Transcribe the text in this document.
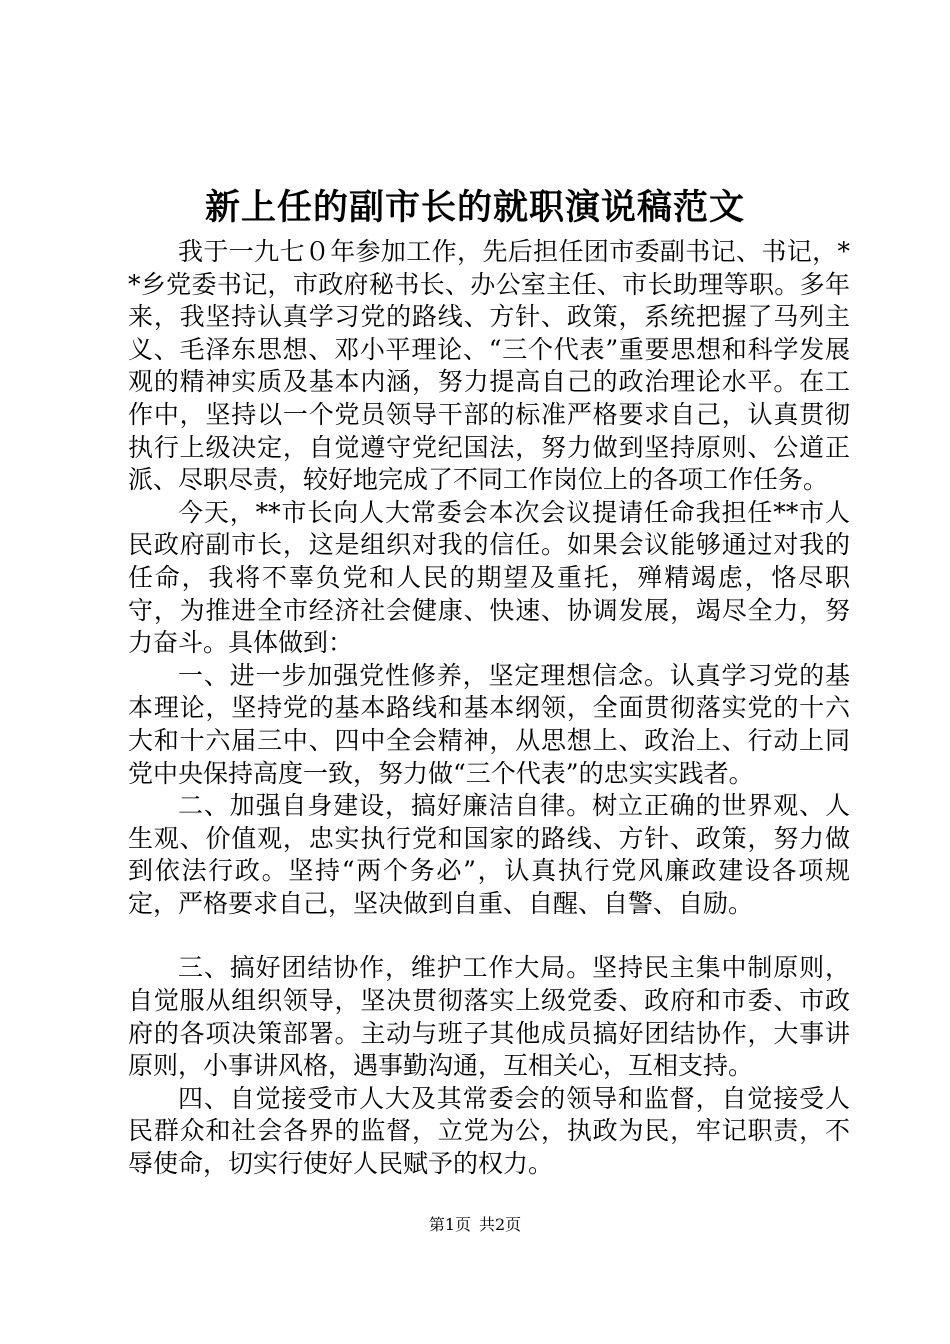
新上任的副市长的就职演说稿范文

我于一九七０年参加工作，先后担任团市委副书记、书记，**乡党委书记，市政府秘书长、办公室主任、市长助理等职。多年来，我坚持认真学习党的路线、方针、政策，系统把握了马列主义、毛泽东思想、邓小平理论、“三个代表”重要思想和科学发展观的精神实质及基本内涵，努力提高自己的政治理论水平。在工作中，坚持以一个党员领导干部的标准严格要求自己，认真贯彻执行上级决定，自觉遵守党纪国法，努力做到坚持原则、公道正派、尽职尽责，较好地完成了不同工作岗位上的各项工作任务。

今天，**市长向人大常委会本次会议提请任命我担任**市人民政府副市长，这是组织对我的信任。如果会议能够通过对我的任命，我将不辜负党和人民的期望及重托，殚精竭虑，恪尽职守，为推进全市经济社会健康、快速、协调发展，竭尽全力，努力奋斗。具体做到：

一、进一步加强党性修养，坚定理想信念。认真学习党的基本理论，坚持党的基本路线和基本纲领，全面贯彻落实党的十六大和十六届三中、四中全会精神，从思想上、政治上、行动上同党中央保持高度一致，努力做“三个代表”的忠实实践者。

二、加强自身建设，搞好廉洁自律。树立正确的世界观、人生观、价值观，忠实执行党和国家的路线、方针、政策，努力做到依法行政。坚持“两个务必”，认真执行党风廉政建设各项规定，严格要求自己，坚决做到自重、自醒、自警、自励。

三、搞好团结协作，维护工作大局。坚持民主集中制原则，自觉服从组织领导，坚决贯彻落实上级党委、政府和市委、市政府的各项决策部署。主动与班子其他成员搞好团结协作，大事讲原则，小事讲风格，遇事勤沟通，互相关心，互相支持。

四、自觉接受市人大及其常委会的领导和监督，自觉接受人民群众和社会各界的监督，立党为公，执政为民，牢记职责，不辱使命，切实行使好人民赋予的权力。

第1页 共2页
